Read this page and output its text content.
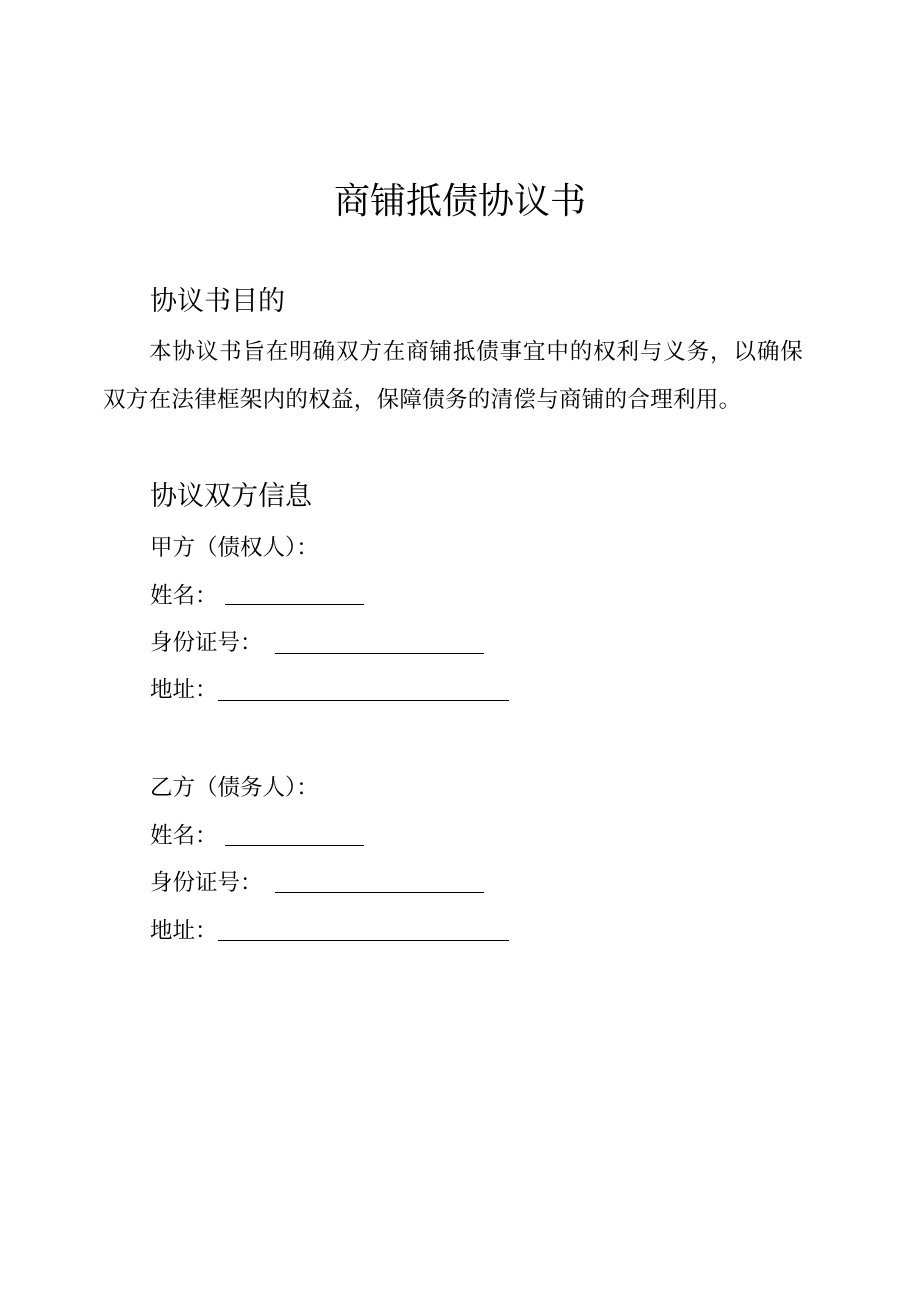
商铺抵债协议书
协议书目的
本协议书旨在明确双方在商铺抵债事宜中的权利与义务，以确保双方在法律框架内的权益，保障债务的清偿与商铺的合理利用。
协议双方信息
甲方（债权人）：
姓名：
身份证号：
地址：
乙方（债务人）：
姓名：
身份证号：
地址：
